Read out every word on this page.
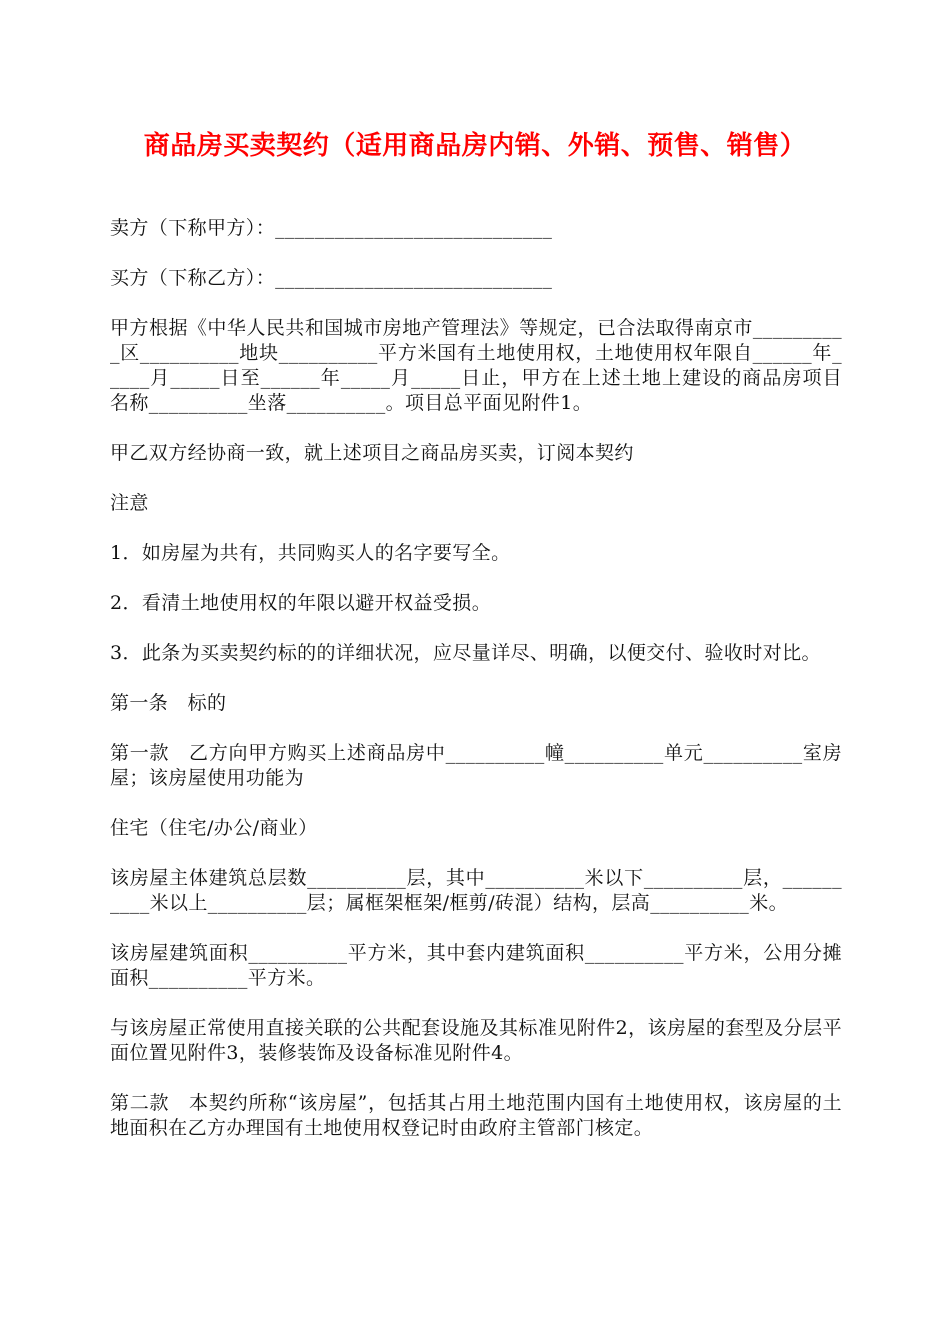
商品房买卖契约（适用商品房内销、外销、预售、销售）

卖方（下称甲方）：____________________________

买方（下称乙方）：____________________________

甲方根据《中华人民共和国城市房地产管理法》等规定，已合法取得南京市__________区__________地块__________平方米国有土地使用权，土地使用权年限自______年_____月_____日至______年_____月_____日止，甲方在上述土地上建设的商品房项目名称__________坐落__________。项目总平面见附件1。

甲乙双方经协商一致，就上述项目之商品房买卖，订阅本契约

注意

1．如房屋为共有，共同购买人的名字要写全。

2．看清土地使用权的年限以避开权益受损。

3．此条为买卖契约标的的详细状况，应尽量详尽、明确，以便交付、验收时对比。

第一条　标的

第一款　乙方向甲方购买上述商品房中__________幢__________单元__________室房屋；该房屋使用功能为

住宅（住宅/办公/商业）

该房屋主体建筑总层数__________层，其中__________米以下__________层，__________米以上__________层；属框架框架/框剪/砖混）结构，层高__________米。

该房屋建筑面积__________平方米，其中套内建筑面积__________平方米，公用分摊面积__________平方米。

与该房屋正常使用直接关联的公共配套设施及其标准见附件2，该房屋的套型及分层平面位置见附件3，装修装饰及设备标准见附件4。

第二款　本契约所称“该房屋”，包括其占用土地范围内国有土地使用权，该房屋的土地面积在乙方办理国有土地使用权登记时由政府主管部门核定。
